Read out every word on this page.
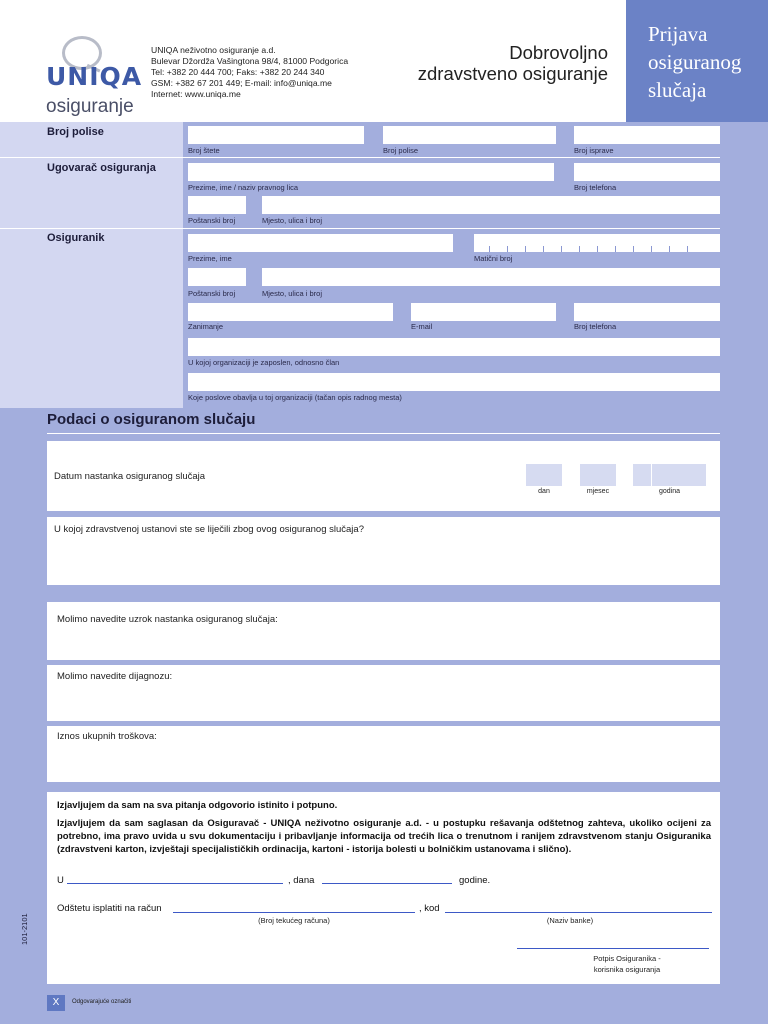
UNIQA
osiguranje
UNIQA neživotno osiguranje a.d.
Bulevar Džordža Vašingtona 98/4, 81000 Podgorica
Tel: +382 20 444 700; Faks: +382 20 244 340
GSM: +382 67 201 449; E-mail: info@uniqa.me
Internet: www.uniqa.me
Dobrovoljno
zdravstveno osiguranje
Prijava
osiguranog
slučaja
Broj polise
Ugovarač osiguranja
Osiguranik
Broj štete	Broj polise	Broj isprave
Prezime, ime / naziv pravnog lica	Broj telefona
Poštanski broj	Mjesto, ulica i broj
Prezime, ime	Matični broj
Poštanski broj	Mjesto, ulica i broj
Zanimanje	E-mail	Broj telefona
U kojoj organizaciji je zaposlen, odnosno član
Koje poslove obavlja u toj organizaciji (tačan opis radnog mesta)
Podaci o osiguranom slučaju
Datum nastanka osiguranog slučaja
dan	mjesec	godina
U kojoj zdravstvenoj ustanovi ste se liječili zbog ovog osiguranog slučaja?
Molimo navedite uzrok nastanka osiguranog slučaja:
Molimo navedite dijagnozu:
Iznos ukupnih troškova:
Izjavljujem da sam na sva pitanja odgovorio istinito i potpuno.
Izjavljujem da sam saglasan da Osiguravač - UNIQA neživotno osiguranje a.d. - u postupku rešavanja odštetnog zahteva, ukoliko ocijeni za potrebno, ima pravo uvida u svu dokumentaciju i pribavljanje informacija od trećih lica o trenutnom i ranijem zdravstvenom stanju Osiguranika (zdravstveni karton, izvještaji specijalističkih ordinacija, kartoni - istorija bolesti u bolničkim ustanovama i slično).
U	, dana	godine.
Odštetu isplatiti na račun	, kod
(Broj tekućeg računa)	(Naziv banke)
Potpis Osiguranika -
korisnika osiguranja
X	Odgovarajuće označiti
101-2101
